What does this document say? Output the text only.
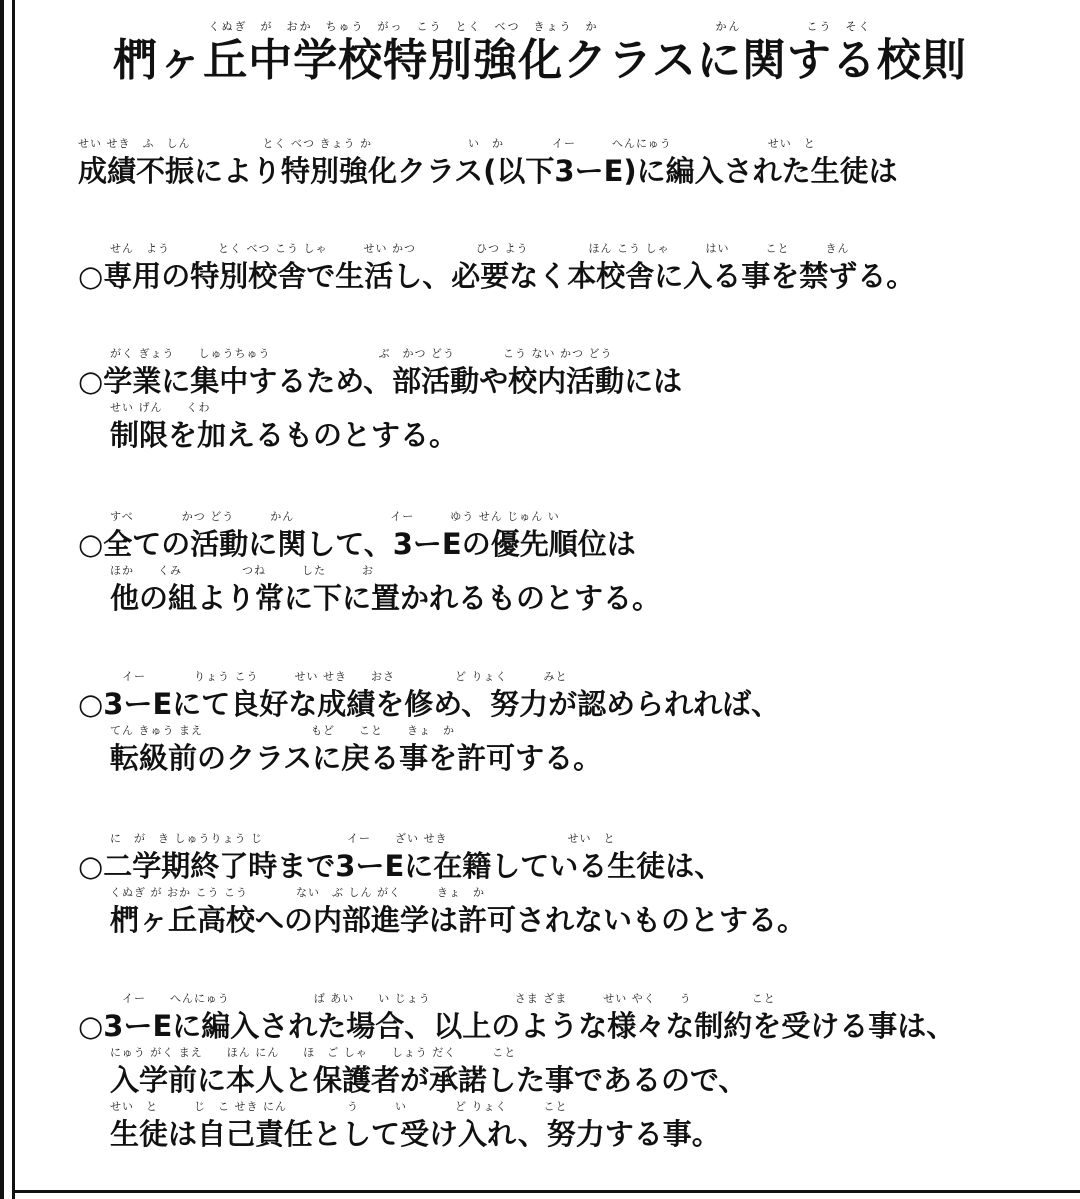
くぬぎ　が　おか　ちゅう　がっ　こう　とく　べつ　きょう　か　　　　　　　　　かん　　　　　こう　そく
椚ヶ丘中学校特別強化クラスに関する校則
せい せき　ふ　しん　　　　　　とく べつ きょう か　　　　　　　　い　か　　　　イー　　　へんにゅう　　　　　　　　せい　と
成績不振により特別強化クラス(以下3ーE)に編入された生徒は
せん　よう　　　　とく べつ こう しゃ　　　せい かつ　　　　　ひつ よう　　　　　ほん こう しゃ　　　はい　　　こと　　　きん
○専用の特別校舎で生活し、必要なく本校舎に入る事を禁ずる。
がく ぎょう　　しゅうちゅう　　　　　　　　　ぶ　かつ どう　　　　こう ない かつ どう
○学業に集中するため、部活動や校内活動には
せい げん　　くわ
制限を加えるものとする。
すべ　　　　かつ どう　　　かん　　　　　　　　イー　　　ゆう せん じゅん い
○全ての活動に関して、3ーEの優先順位は
ほか　　くみ　　　　　つね　　　した　　　お
他の組より常に下に置かれるものとする。
　イー　　　　りょう こう　　　せい せき　　おさ　　　　　ど りょく　　　みと
○3ーEにて良好な成績を修め、努力が認められれば、
てん きゅう まえ　　　　　　　　　もど　　こと　　きょ　か
転級前のクラスに戻る事を許可する。
に　が　き しゅうりょう じ　　　　　　　イー　　ざい せき　　　　　　　　　　せい　と
○二学期終了時まで3ーEに在籍している生徒は、
くぬぎ が おか こう こう　　　　ない　ぶ しん がく　　　きょ　か
椚ヶ丘高校への内部進学は許可されないものとする。
　イー　　へんにゅう　　　　　　　ば あい　　い じょう　　　　　　　さま ざま　　　せい やく　　う　　　　　こと
○3ーEに編入された場合、以上のような様々な制約を受ける事は、
にゅう がく まえ　　ほん にん　　ほ　ご しゃ　　しょう だく　　　こと
入学前に本人と保護者が承諾した事であるので、
せい　と　　　じ　こ せき にん　　　　　う　　　い　　　　ど りょく　　　こと
生徒は自己責任として受け入れ、努力する事。
